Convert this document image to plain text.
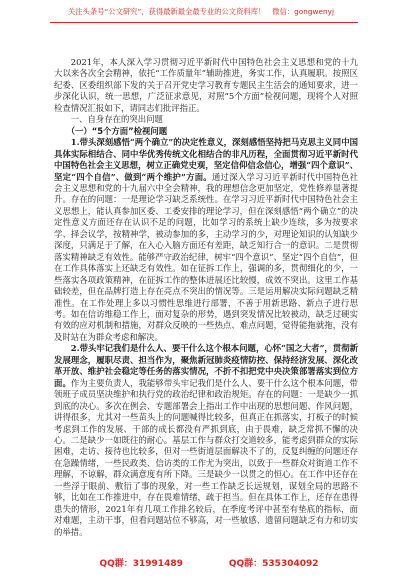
关注头条号“公文研究”，获得最新最全最专业的公文资料库！ 微信：gongwenyj

2021年，本人深入学习贯彻习近平新时代中国特色社会主义思想和党的十九大以来各次全会精神，依托“工作质量年”辅助推进，务实工作，认真履职。按照区纪委、区委组织部下发的关于召开党史学习教育专题民主生活会的通知要求，进一步深化认识，统一思想，广泛征求意见，对照“5个方面”检视问题，现将个人对照检查情况汇报如下，请同志们批评指正。

一、自身存在的突出问题

（一）“5个方面”检视问题

1.带头深刻感悟“两个确立”的决定性意义，深刻感悟坚持把马克思主义同中国具体实际相结合、同中华优秀传统文化相结合的非凡历程，全面贯彻习近平新时代中国特色社会主义思想，树立正确党史观，坚定信仰信念信心，增强“四个意识”、坚定“四个自信”、做到“两个维护”方面。通过深入学习习近平新时代中国特色社会主义思想和党的十九届六中全会精神，我的理想信念更加坚定，党性修养显著提升。存在的问题：一是理论学习缺乏系统性。在学习习近平新时代中国特色社会主义思想上，能认真参加区委、工委安排的理论学习，但在深刻感悟“两个确立”的决定性意义方面还存在认识不足的问题，比如学习的系统上缺少连续，多为按要求学、择会议学，按精神学，被动参加的多，主动学习的少，对理论知识的认知缺少深度，只满足于了解，在入心入脑方面还有差距，缺乏知行合一的意识。二是贯彻落实精神缺乏有效性。能够严守政治纪律，树牢“四个意识”、坚定“四个自信”，但在工作具体落实上还缺乏有效性。如在征拆工作上，强调的多，贯彻细化的少，一些落实各项政策精神，在征拆工作的整体进展还比较慢，成效不突出。这里工作基础较差，但在品牌打造上存在亮点不突出的情况等。三是运用解决实际问题缺乏精准性。在工作处理上多以习惯性思维进行部署，不善于用新思路、新点子进行思考。如在信访维稳工作上，面对复杂的形势，遇到突发情况比较被动，缺乏过硬实有效的应对机制和措施，对群众反映的一些热点、难点问题，觉得能拖就拖，没有及时站在为群众考虑和解决。

2.带头牢记我们是什么人、要干什么这个根本问题，心怀“国之大者”，贯彻新发展理念，履职尽责、担当作为，聚焦新冠肺炎疫情防控、保持经济发展、深化改革开放、维护社会稳定等任务的落实情况，不折不扣把党中央决策部署落实到位方面。作为主要负责人，我能够带头牢记我们是什么人、要干什么这个根本问题，带领班子成员坚决维护和执行党的政治纪律和政治规矩。存在的问题：一是缺少一抓到底的决心。多次在例会、专题部署会上指出工作中出现的思想问题、作风问题，讲得很多，尤其对一些苗头上的问题喊得比较多，但真正在抓落实，打板子的时候考虑到工作的发展、干部的成长都没有严抓到底，由于畏难，缺乏常抓不懈的决心。二是缺少一如既往的耐心。基层工作与群众打交道较多，能考虑到群众的实际困难，走访、接待也比较多，但对一些街道层面解决不了的，反复纠缠的问题还存在急躁情绪，一些民政类、信访类的工作尤为突出，以致于一些群众对街道工作不理解，不谅解，群众满意度有所下降。三是缺少一以贯之的恒心。在工作中还存在一些浮于眼前、敷衍了事的现象，对一些工作缺乏长远规划，谋划全局的思路不够，比如在工作推进中，存在畏难情绪，疏于担当。但在具体工作上，还存在患得患失的情形，2021年有几项工作排名较后，在季度考评中甚至有垫底的指标，面对难题，主动干事，但看问题站位不够高，对一些敏感、遗留问题缺乏有力和切实的举措。

QQ群：31991489	QQ群：535304092
